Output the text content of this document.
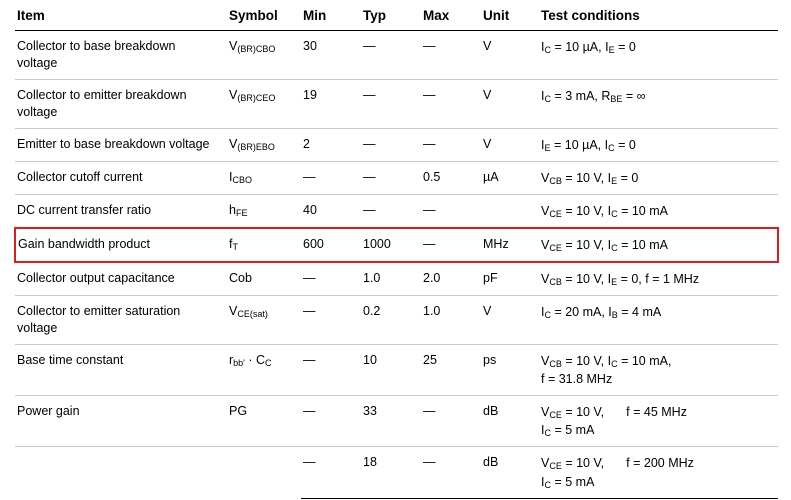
Item	Symbol	Min	Typ	Max	Unit	Test conditions
Collector to base breakdown voltage	V(BR)CBO	30	—	—	V	IC = 10 µA, IE = 0
Collector to emitter breakdown voltage	V(BR)CEO	19	—	—	V	IC = 3 mA, RBE = ∞
Emitter to base breakdown voltage	V(BR)EBO	2	—	—	V	IE = 10 µA, IC = 0
Collector cutoff current	ICBO	—	—	0.5	µA	VCB = 10 V, IE = 0
DC current transfer ratio	hFE	40	—	—		VCE = 10 V, IC = 10 mA
Gain bandwidth product	fT	600	1000	—	MHz	VCE = 10 V, IC = 10 mA
Collector output capacitance	Cob	—	1.0	2.0	pF	VCB = 10 V, IE = 0, f = 1 MHz
Collector to emitter saturation voltage	VCE(sat)	—	0.2	1.0	V	IC = 20 mA, IB = 4 mA
Base time constant	rbb' · CC	—	10	25	ps	VCB = 10 V, IC = 10 mA,
f = 31.8 MHz
Power gain	PG	—	33	—	dB	VCE = 10 V, f = 45 MHz
IC = 5 mA
		—	18	—	dB	VCE = 10 V, f = 200 MHz
IC = 5 mA
